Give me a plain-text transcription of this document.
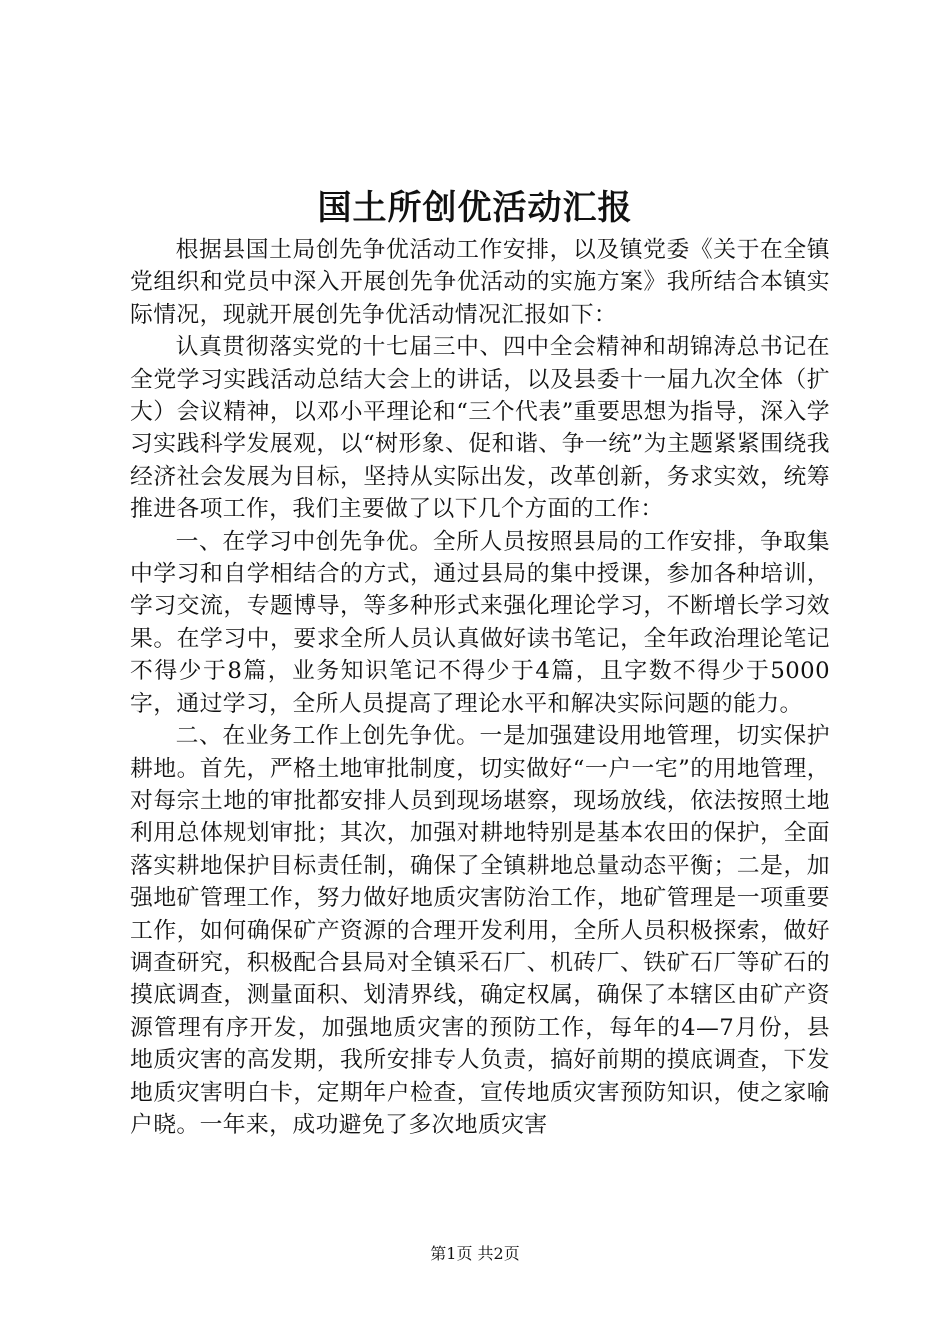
国土所创优活动汇报

根据县国土局创先争优活动工作安排，以及镇党委《关于在全镇党组织和党员中深入开展创先争优活动的实施方案》我所结合本镇实际情况，现就开展创先争优活动情况汇报如下：

认真贯彻落实党的十七届三中、四中全会精神和胡锦涛总书记在全党学习实践活动总结大会上的讲话，以及县委十一届九次全体（扩大）会议精神，以邓小平理论和“三个代表”重要思想为指导，深入学习实践科学发展观，以“树形象、促和谐、争一统”为主题紧紧围绕我经济社会发展为目标，坚持从实际出发，改革创新，务求实效，统筹推进各项工作，我们主要做了以下几个方面的工作：

一、在学习中创先争优。全所人员按照县局的工作安排，争取集中学习和自学相结合的方式，通过县局的集中授课，参加各种培训，学习交流，专题博导，等多种形式来强化理论学习，不断增长学习效果。在学习中，要求全所人员认真做好读书笔记，全年政治理论笔记不得少于8篇，业务知识笔记不得少于4篇，且字数不得少于5000字，通过学习，全所人员提高了理论水平和解决实际问题的能力。

二、在业务工作上创先争优。一是加强建设用地管理，切实保护耕地。首先，严格土地审批制度，切实做好“一户一宅”的用地管理，对每宗土地的审批都安排人员到现场堪察，现场放线，依法按照土地利用总体规划审批；其次，加强对耕地特别是基本农田的保护，全面落实耕地保护目标责任制，确保了全镇耕地总量动态平衡；二是，加强地矿管理工作，努力做好地质灾害防治工作，地矿管理是一项重要工作，如何确保矿产资源的合理开发利用，全所人员积极探索，做好调查研究，积极配合县局对全镇采石厂、机砖厂、铁矿石厂等矿石的摸底调查，测量面积、划清界线，确定权属，确保了本辖区由矿产资源管理有序开发，加强地质灾害的预防工作，每年的4—7月份，县地质灾害的高发期，我所安排专人负责，搞好前期的摸底调查，下发地质灾害明白卡，定期年户检查，宣传地质灾害预防知识，使之家喻户晓。一年来，成功避免了多次地质灾害

第1页 共2页
